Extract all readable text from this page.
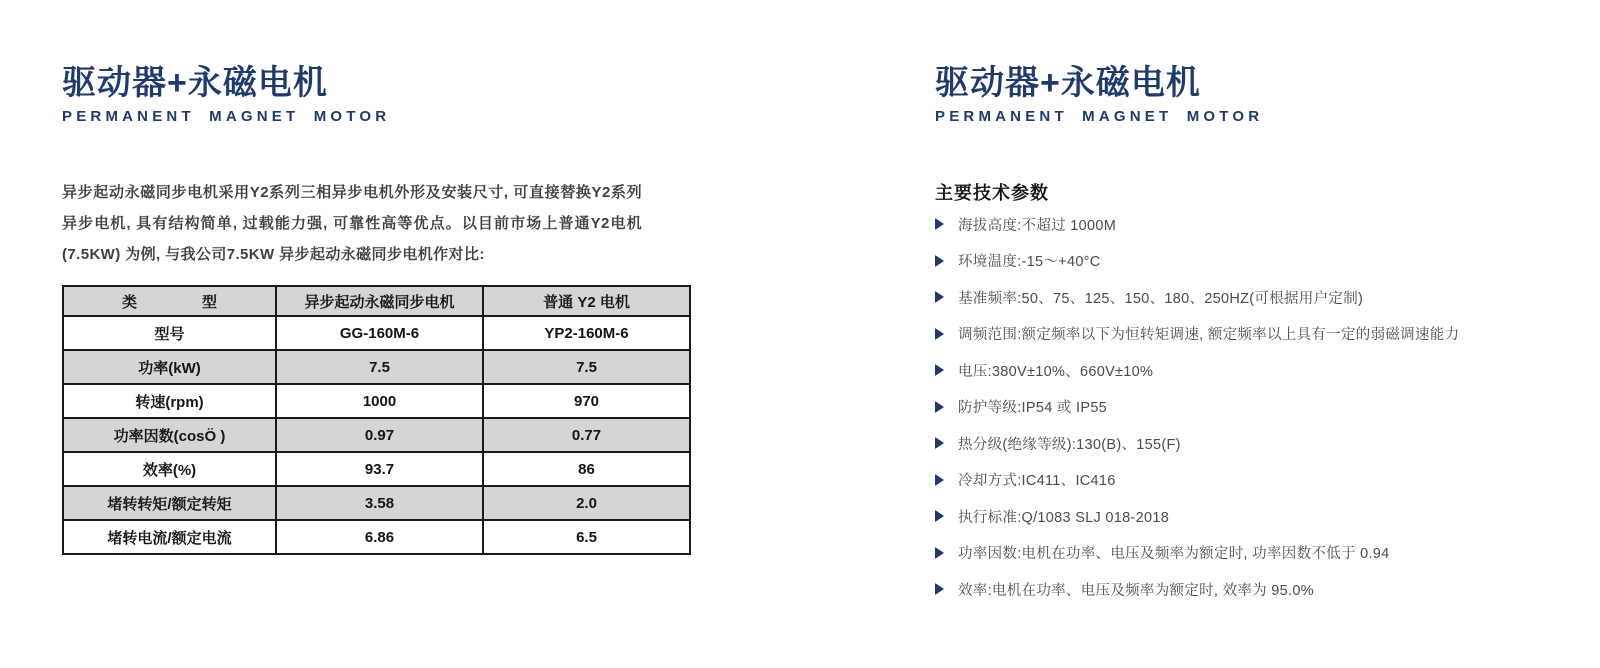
驱动器+永磁电机
PERMANENT MAGNET MOTOR

异步起动永磁同步电机采用Y2系列三相异步电机外形及安装尺寸, 可直接替换Y2系列异步电机, 具有结构简单, 过载能力强, 可靠性高等优点。以目前市场上普通Y2电机 (7.5KW) 为例, 与我公司7.5KW 异步起动永磁同步电机作对比:

类 型	异步起动永磁同步电机	普通 Y2 电机
型号	GG-160M-6	YP2-160M-6
功率(kW)	7.5	7.5
转速(rpm)	1000	970
功率因数(cosÖ )	0.97	0.77
效率(%)	93.7	86
堵转转矩/额定转矩	3.58	2.0
堵转电流/额定电流	6.86	6.5
驱动器+永磁电机
PERMANENT MAGNET MOTOR
主要技术参数
海拔高度:不超过 1000M
环境温度:-15～+40°C
基准频率:50、75、125、150、180、250HZ(可根据用户定制)
调频范围:额定频率以下为恒转矩调速, 额定频率以上具有一定的弱磁调速能力
电压:380V±10%、660V±10%
防护等级:IP54 或 IP55
热分级(绝缘等级):130(B)、155(F)
冷却方式:IC411、IC416
执行标准:Q/1083 SLJ 018-2018
功率因数:电机在功率、电压及频率为额定时, 功率因数不低于 0.94
效率:电机在功率、电压及频率为额定时, 效率为 95.0%
